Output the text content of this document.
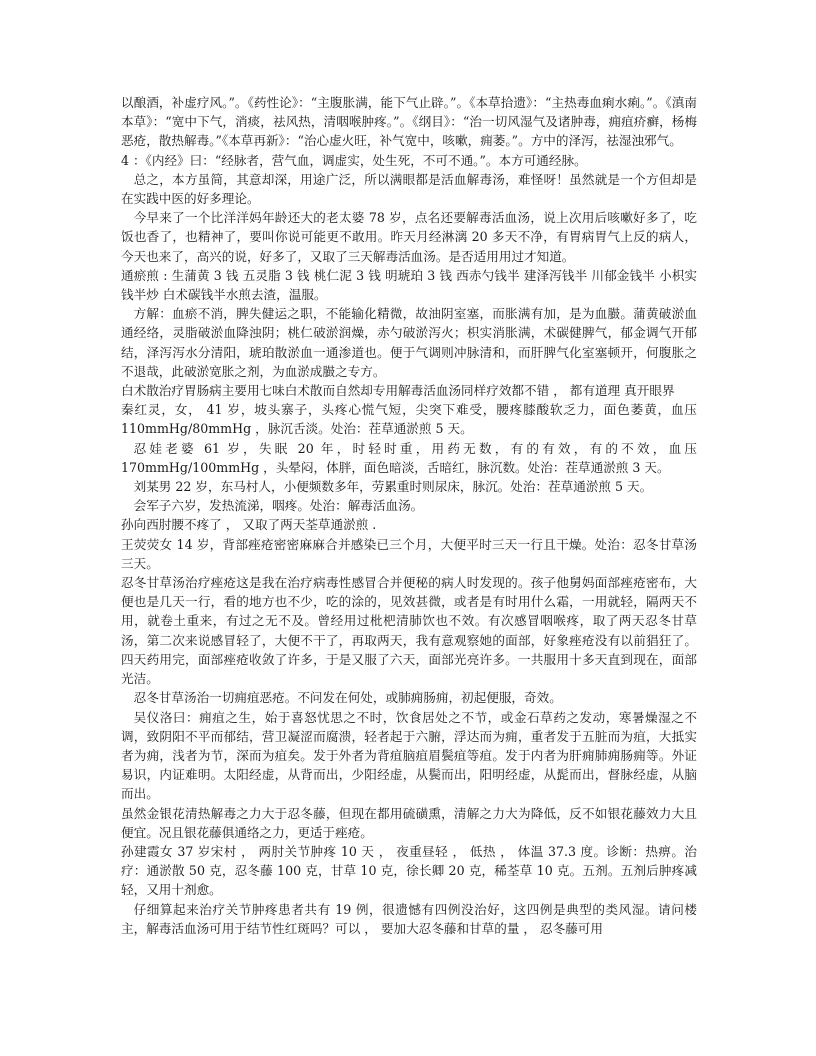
以酿酒，补虚疗风。”。《药性论》：“主腹胀满，能下气止辟。”。《本草拾遗》：“主热毒血痢水痢。”。《滇南本草》：“宽中下气，消痰，祛风热，清咽喉肿疼。”。《纲目》：“治一切风湿气及诸肿毒，痈疽疥癣，杨梅恶疮，散热解毒。”《本草再新》：“治心虚火旺，补气宽中，咳嗽，痈萎。”。方中的泽泻，祛湿浊邪气。

4 ：《内经》曰：“经脉者，营气血，调虚实，处生死，不可不通。”。本方可通经脉。

总之，本方虽简，其意却深，用途广泛，所以满眼都是活血解毒汤，难怪呀！虽然就是一个方但却是在实践中医的好多理论。

今早来了一个比洋洋妈年龄还大的老太婆 78 岁，点名还要解毒活血汤，说上次用后咳嗽好多了，吃饭也香了，也精神了，要叫你说可能更不敢用。昨天月经淋漓 20 多天不净，有胃病胃气上反的病人，今天也来了，高兴的说，好多了，又取了三天解毒活血汤。是否适用用过才知道。

通瘀煎 : 生蒲黄 3 钱 五灵脂 3 钱 桃仁泥 3 钱 明琥珀 3 钱 西赤勺钱半 建泽泻钱半 川郁金钱半 小枳实钱半炒 白术碳钱半水煎去渣，温服。

方解：血瘀不消，脾失健运之职，不能输化精微，故油阴室塞，而胀满有加，是为血臌。蒲黄破淤血通经络，灵脂破淤血降浊阴；桃仁破淤润燥，赤勺破淤泻火；枳实消胀满，术碳健脾气，郁金调气开郁结，泽泻泻水分清阳，琥珀散淤血一通渗道也。便于气调则冲脉清和，而肝脾气化室塞顿开，何腹胀之不退哉，此破淤宽胀之剂，为血淤成臌之专方。

白术散治疗胃肠病主要用七味白术散而自然却专用解毒活血汤同样疗效都不错 ， 都有道理 真开眼界

秦红灵，女， 41 岁，坡头寨子，头疼心慌气短，尖突下难受，腰疼膝酸软乏力，面色萎黄，血压 110mmHg/80mmHg ，脉沉舌淡。处治：茬草通淤煎 5 天。

忍娃老婆 61 岁，失眠 20 年，时轻时重，用药无数，有的有效，有的不效，血压170mmHg/100mmHg ，头晕闷，体胖，面色暗淡，舌暗红，脉沉数。处治：茬草通淤煎 3 天。

刘某男 22 岁，东马村人，小便频数多年，劳累重时则尿床，脉沉。处治：茬草通淤煎 5 天。

会军子六岁，发热流涕，咽疼。处治：解毒活血汤。

孙向西肘腰不疼了 ， 又取了两天荃草通淤煎 .

王荧荧女 14 岁，背部痤疮密密麻麻合并感染已三个月，大便平时三天一行且干燥。处治：忍冬甘草汤三天。

忍冬甘草汤治疗痤疮这是我在治疗病毒性感冒合并便秘的病人时发现的。孩子他舅妈面部痤疮密布，大便也是几天一行，看的地方也不少，吃的涂的，见效甚微，或者是有时用什么霜，一用就轻，隔两天不用，就卷土重来，有过之无不及。曾经用过枇杷清肺饮也不效。有次感冒咽喉疼，取了两天忍冬甘草汤，第二次来说感冒轻了，大便不干了，再取两天，我有意观察她的面部，好象痤疮没有以前猖狂了。四天药用完，面部痤疮收敛了许多，于是又服了六天，面部光亮许多。一共服用十多天直到现在，面部光洁。

忍冬甘草汤治一切痈疽恶疮。不问发在何处，或肺痈肠痈，初起便服，奇效。

吴仪洛曰：痈疽之生，始于喜怒忧思之不时，饮食居处之不节，或金石草药之发动，寒暑燥湿之不调，致阴阳不平而郁结，营卫凝涩而腐溃，轻者起于六腑，浮达而为痈，重者发于五脏而为疽，大抵实者为痈，浅者为节，深而为疽矣。发于外者为背疽脑疽眉鬓疽等疽。发于内者为肝痈肺痈肠痈等。外证易识，内证难明。太阳经虚，从背而出，少阳经虚，从鬓而出，阳明经虚，从髭而出，督脉经虚，从脑而出。

虽然金银花清热解毒之力大于忍冬藤，但现在都用硫磺熏，清解之力大为降低，反不如银花藤效力大且便宜。况且银花藤俱通络之力，更适于痤疮。

孙建霞女 37 岁宋村 ， 两肘关节肿疼 10 天 ， 夜重昼轻 ， 低热 ， 体温 37.3 度。诊断：热痹。治疗：通淤散 50 克，忍冬藤 100 克，甘草 10 克，徐长卿 20 克，稀荃草 10 克。五剂。五剂后肿疼减轻，又用十剂愈。

仔细算起来治疗关节肿疼患者共有 19 例，很遗憾有四例没治好，这四例是典型的类风湿。请问楼主，解毒活血汤可用于结节性红斑吗？可以 ， 要加大忍冬藤和甘草的量 ， 忍冬藤可用
